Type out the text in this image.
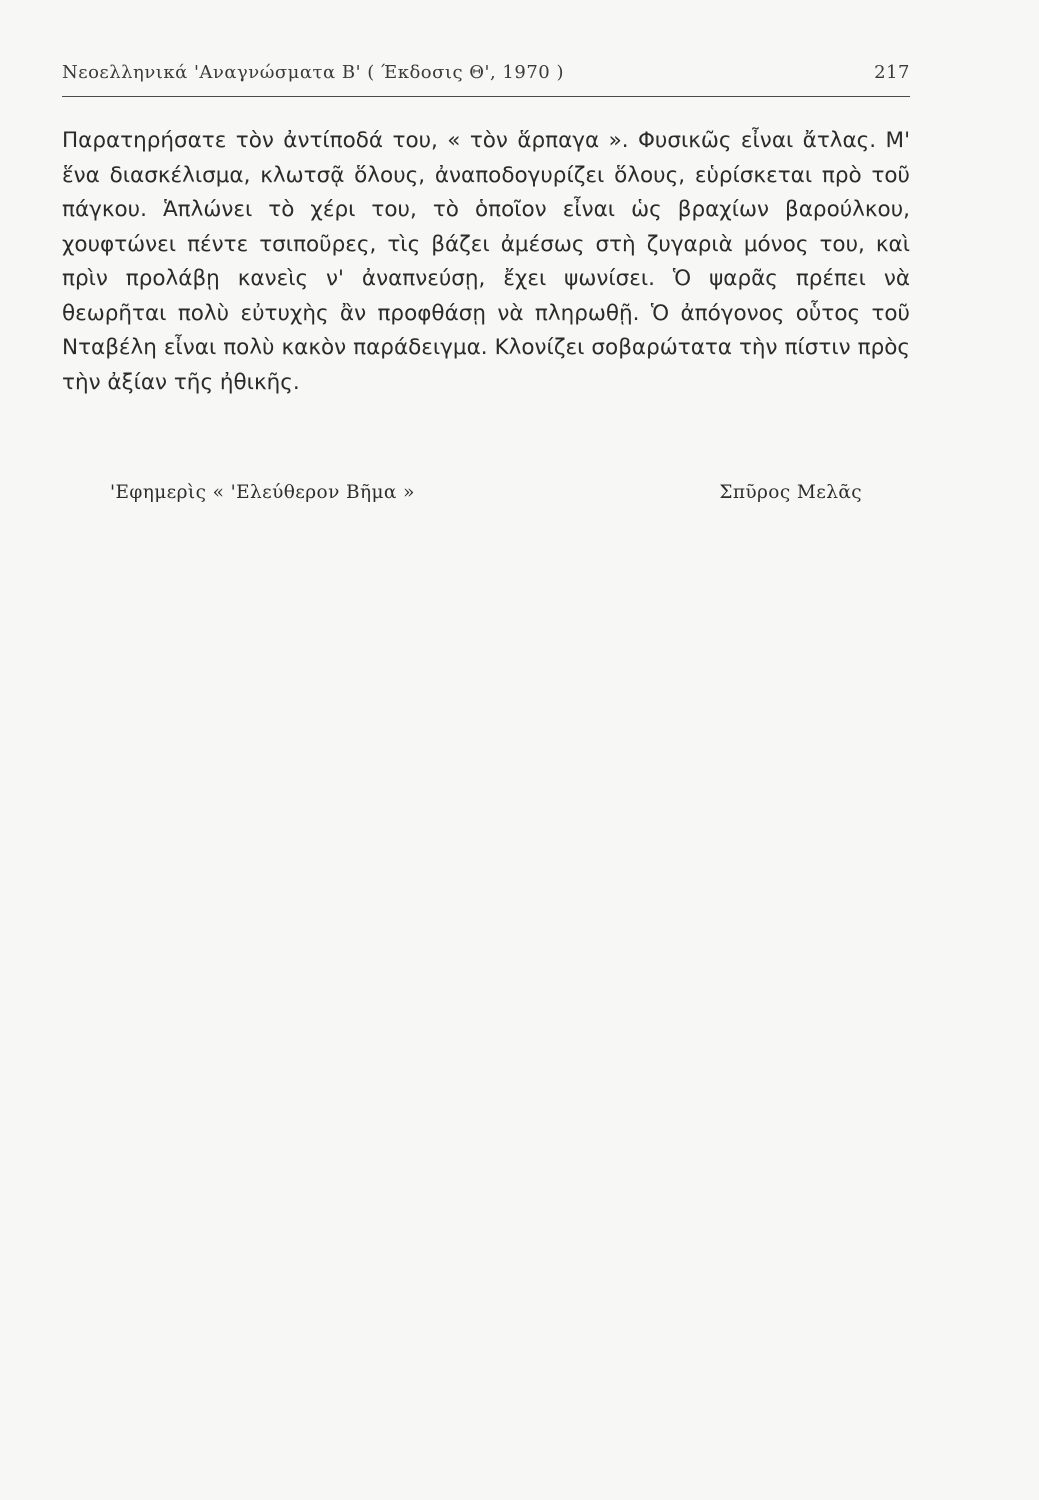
Νεοελληνικά 'Αναγνώσματα Β' ( Έκδοσις Θ', 1970 )	217

Παρατηρήσατε τὸν ἀντίποδά του, « τὸν ἅρπαγα ». Φυσικῶς εἶναι ἄτλας. Μ' ἕνα διασκέλισμα, κλωτσᾷ ὅλους, ἀναποδογυρίζει ὅλους, εὑρίσκεται πρὸ τοῦ πάγκου. Ἁπλώνει τὸ χέρι του, τὸ ὁποῖον εἶναι ὡς βραχίων βαρούλκου, χουφτώνει πέντε τσιποῦρες, τὶς βάζει ἀμέσως στὴ ζυγαριὰ μόνος του, καὶ πρὶν προλάβῃ κανεὶς ν' ἀναπνεύσῃ, ἔχει ψωνίσει. Ὁ ψαρᾶς πρέπει νὰ θεωρῆται πολὺ εὐτυχὴς ἂν προφθάσῃ νὰ πληρωθῇ. Ὁ ἀπόγονος οὗτος τοῦ Νταβέλη εἶναι πολὺ κακὸν παράδειγμα. Κλονίζει σοβαρώτατα τὴν πίστιν πρὸς τὴν ἀξίαν τῆς ἠθικῆς.

'Εφημερὶς « 'Ελεύθερον Βῆμα »	Σπῦρος Μελᾶς
